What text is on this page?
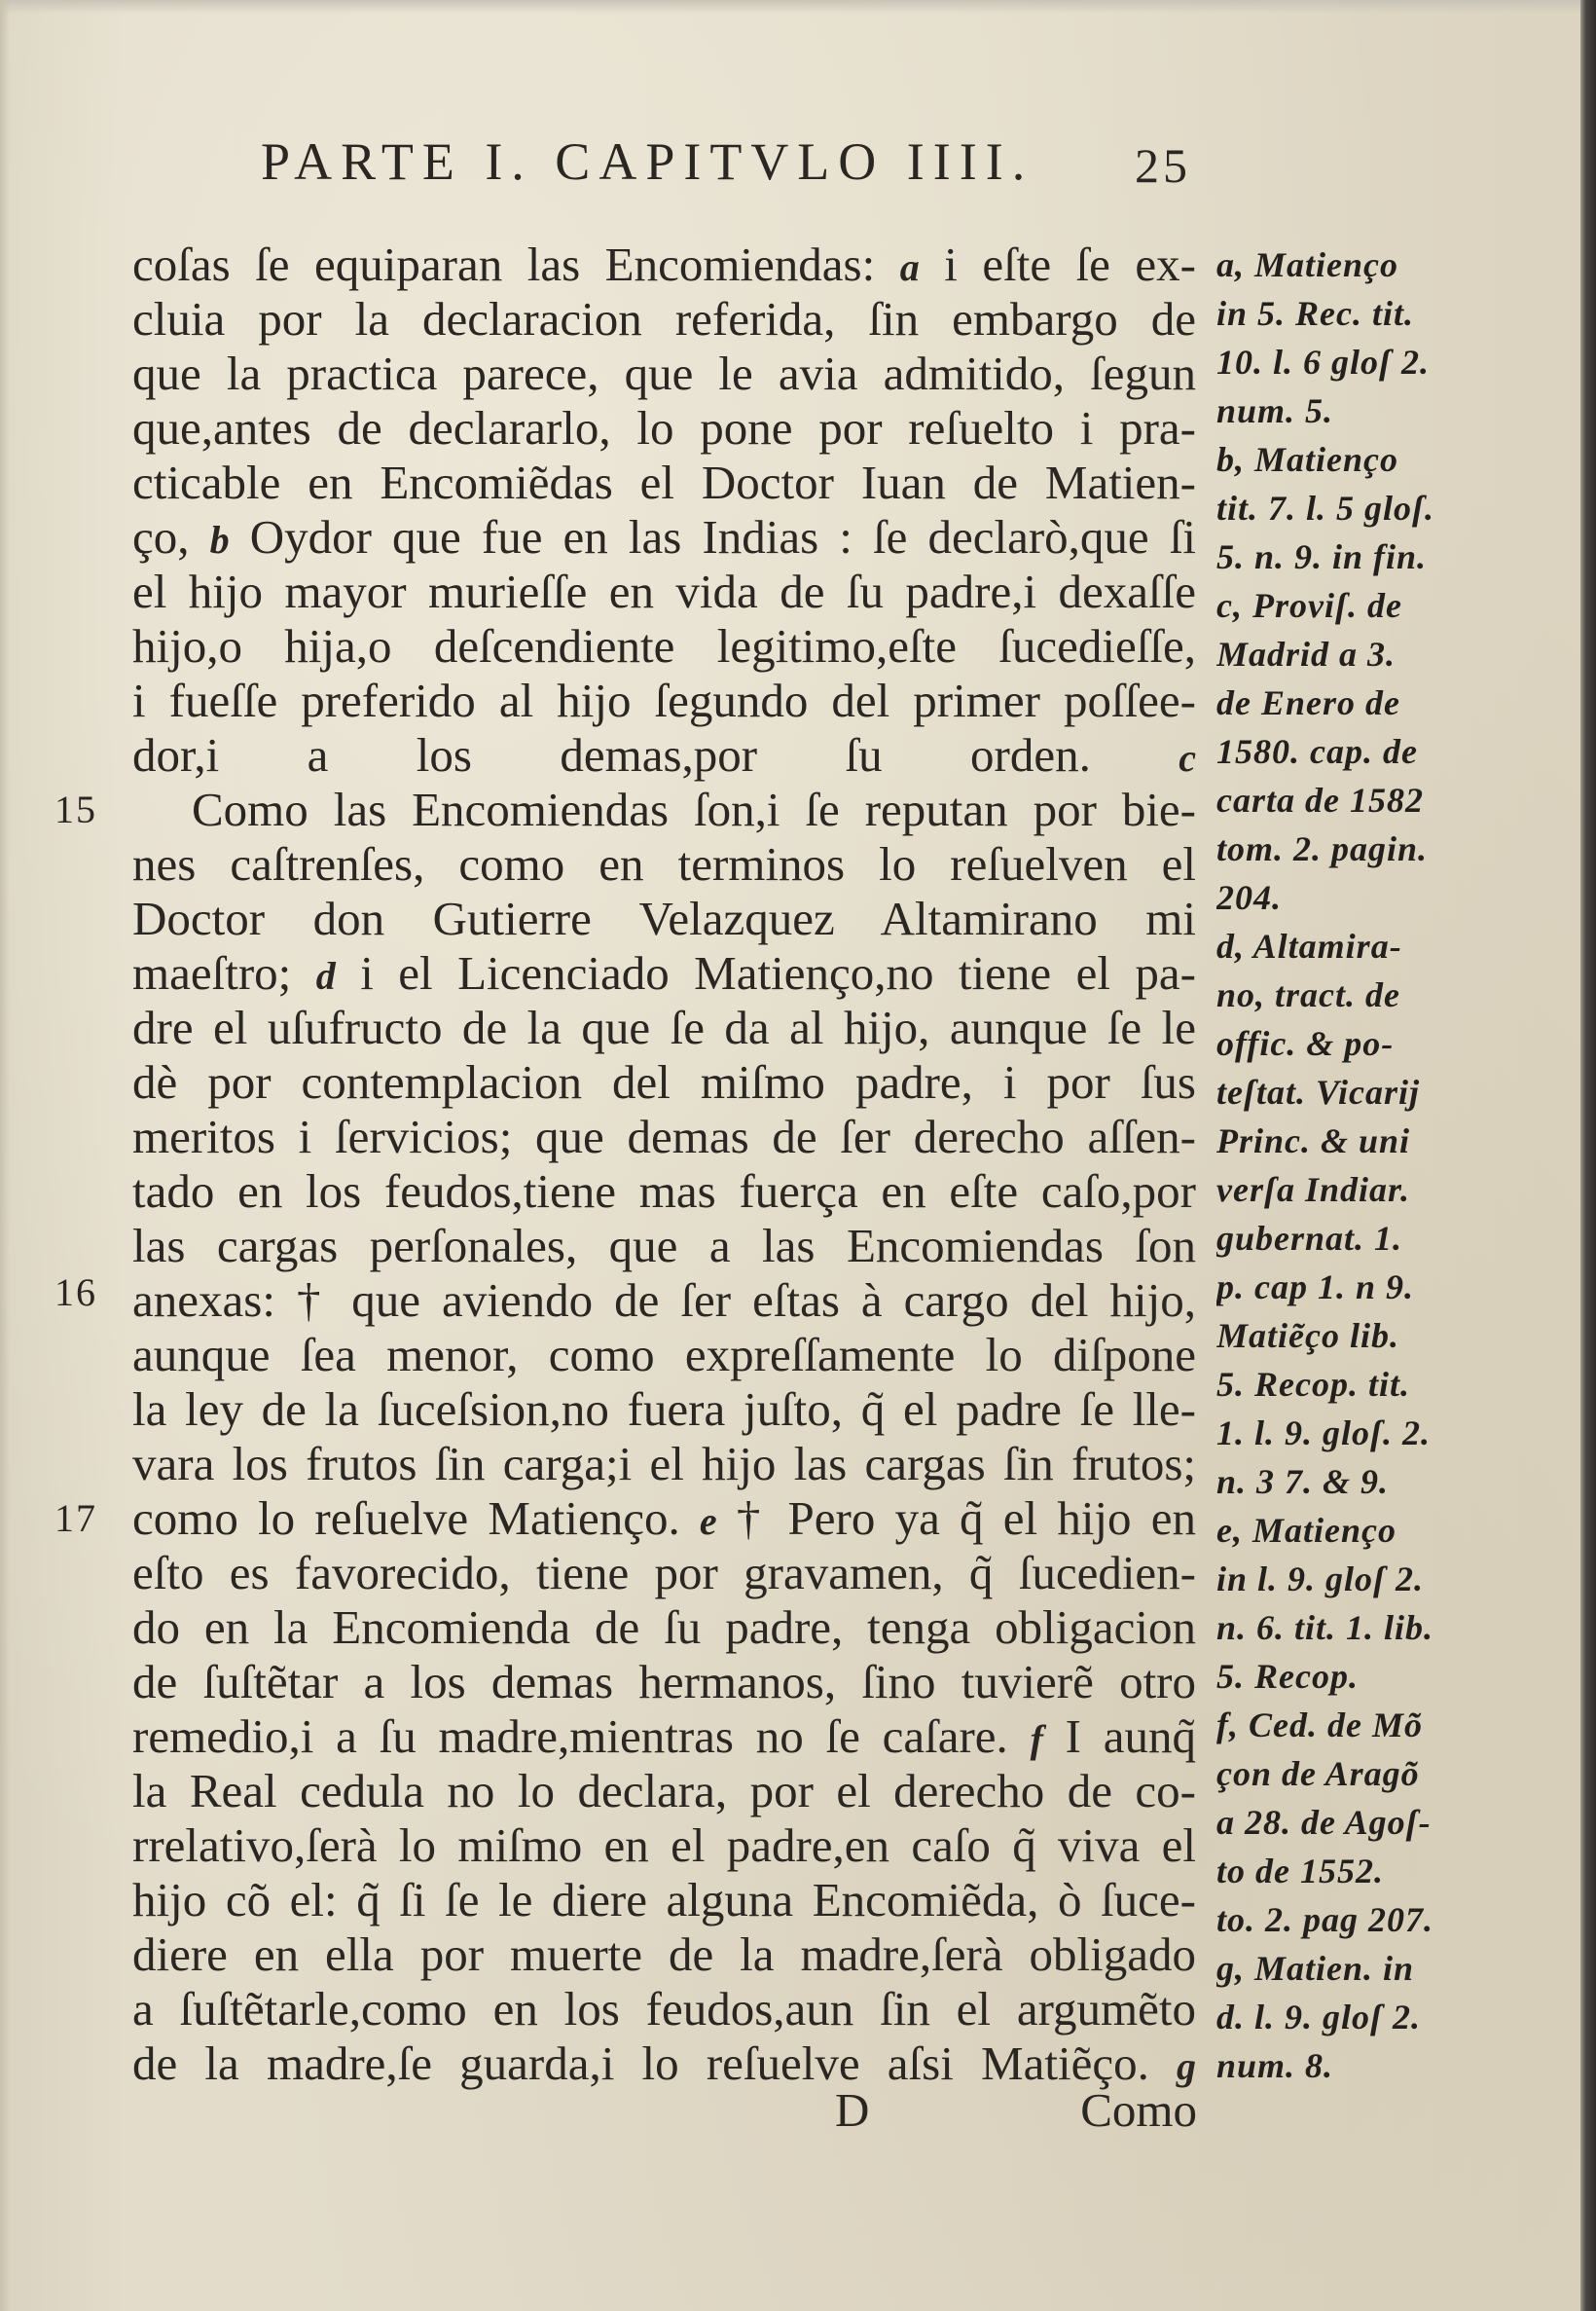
PARTE I. CAPITVLO IIII. 25
15
16
17
coſas ſe equiparan las Encomiendas: a i eſte ſe ex-
cluia por la declaracion referida, ſin embargo de
que la practica parece, que le avia admitido, ſegun
que,antes de declararlo, lo pone por reſuelto i pra-
cticable en Encomiẽdas el Doctor Iuan de Matien-
ço, b Oydor que fue en las Indias : ſe declarò,que ſi
el hijo mayor murieſſe en vida de ſu padre,i dexaſſe
hijo,o hija,o deſcendiente legitimo,eſte ſucedieſſe,
i fueſſe preferido al hijo ſegundo del primer poſſee-
dor,i a los demas,por ſu orden. c
Como las Encomiendas ſon,i ſe reputan por bie-
nes caſtrenſes, como en terminos lo reſuelven el
Doctor don Gutierre Velazquez Altamirano mi
maeſtro; d i el Licenciado Matienço,no tiene el pa-
dre el uſufructo de la que ſe da al hijo, aunque ſe le
dè por contemplacion del miſmo padre, i por ſus
meritos i ſervicios; que demas de ſer derecho aſſen-
tado en los feudos,tiene mas fuerça en eſte caſo,por
las cargas perſonales, que a las Encomiendas ſon
anexas: † que aviendo de ſer eſtas à cargo del hijo,
aunque ſea menor, como expreſſamente lo diſpone
la ley de la ſuceſsion,no fuera juſto, q̃ el padre ſe lle-
vara los frutos ſin carga;i el hijo las cargas ſin frutos;
como lo reſuelve Matienço. e † Pero ya q̃ el hijo en
eſto es favorecido, tiene por gravamen, q̃ ſucedien-
do en la Encomienda de ſu padre, tenga obligacion
de ſuſtẽtar a los demas hermanos, ſino tuvierẽ otro
remedio,i a ſu madre,mientras no ſe caſare. f I aunq̃
la Real cedula no lo declara, por el derecho de co-
rrelativo,ſerà lo miſmo en el padre,en caſo q̃ viva el
hijo cõ el: q̃ ſi ſe le diere alguna Encomiẽda, ò ſuce-
diere en ella por muerte de la madre,ſerà obligado
a ſuſtẽtarle,como en los feudos,aun ſin el argumẽto
de la madre,ſe guarda,i lo reſuelve aſsi Matiẽço. g
a, Matienço
in 5. Rec. tit.
10. l. 6 gloſ 2.
num. 5.
b, Matienço
tit. 7. l. 5 gloſ.
5. n. 9. in fin.
c, Proviſ. de
Madrid a 3.
de Enero de
1580. cap. de
carta de 1582
tom. 2. pagin.
204.
d, Altamira-
no, tract. de
offic. & po-
teſtat. Vicarij
Princ. & uni
verſa Indiar.
gubernat. 1.
p. cap 1. n 9.
Matiẽço lib.
5. Recop. tit.
1. l. 9. gloſ. 2.
n. 3 7. & 9.
e, Matienço
in l. 9. gloſ 2.
n. 6. tit. 1. lib.
5. Recop.
f, Ced. de Mõ
çon de Aragõ
a 28. de Agoſ-
to de 1552.
to. 2. pag 207.
g, Matien. in
d. l. 9. gloſ 2.
num. 8.
D	Como
